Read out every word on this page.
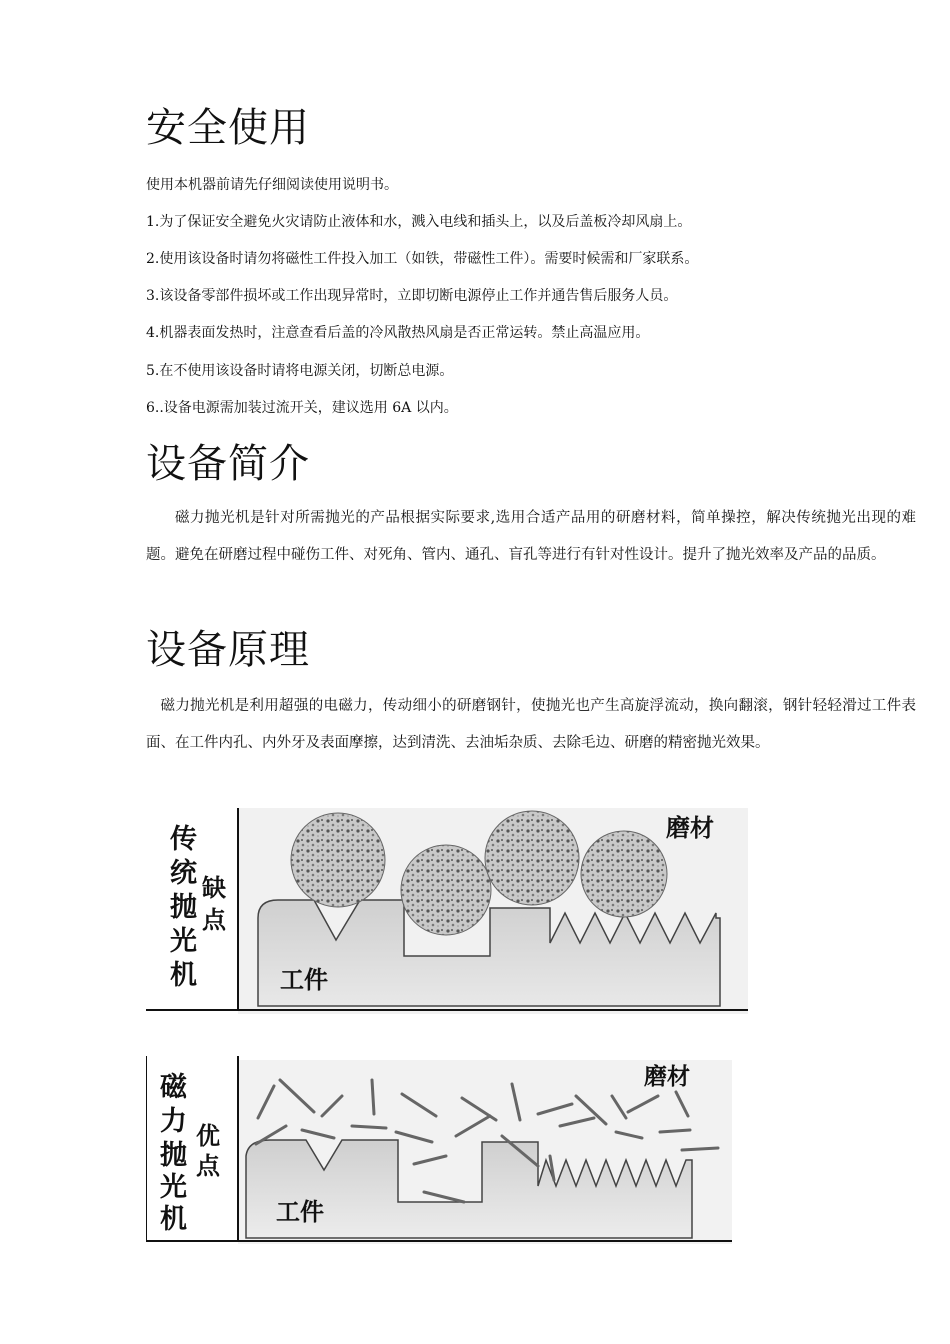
安全使用

使用本机器前请先仔细阅读使用说明书。

1.为了保证安全避免火灾请防止液体和水，溅入电线和插头上，以及后盖板冷却风扇上。

2.使用该设备时请勿将磁性工件投入加工（如铁，带磁性工件）。需要时候需和厂家联系。

3.该设备零部件损坏或工作出现异常时，立即切断电源停止工作并通告售后服务人员。

4.机器表面发热时，注意查看后盖的冷风散热风扇是否正常运转。禁止高温应用。

5.在不使用该设备时请将电源关闭，切断总电源。

6..设备电源需加装过流开关，建议选用 6A 以内。

设备简介

磁力抛光机是针对所需抛光的产品根据实际要求,选用合适产品用的研磨材料，简单操控，解决传统抛光出现的难题。避免在研磨过程中碰伤工件、对死角、管内、通孔、盲孔等进行有针对性设计。提升了抛光效率及产品的品质。

设备原理

磁力抛光机是利用超强的电磁力，传动细小的研磨钢针，使抛光也产生高旋浮流动，换向翻滚，钢针轻轻滑过工件表面、在工件内孔、内外牙及表面摩擦，达到清洗、去油垢杂质、去除毛边、研磨的精密抛光效果。

传
统
抛
光
机
缺
点
磨材
工件
磁
力
抛
光
机
优
点
磨材
工件
